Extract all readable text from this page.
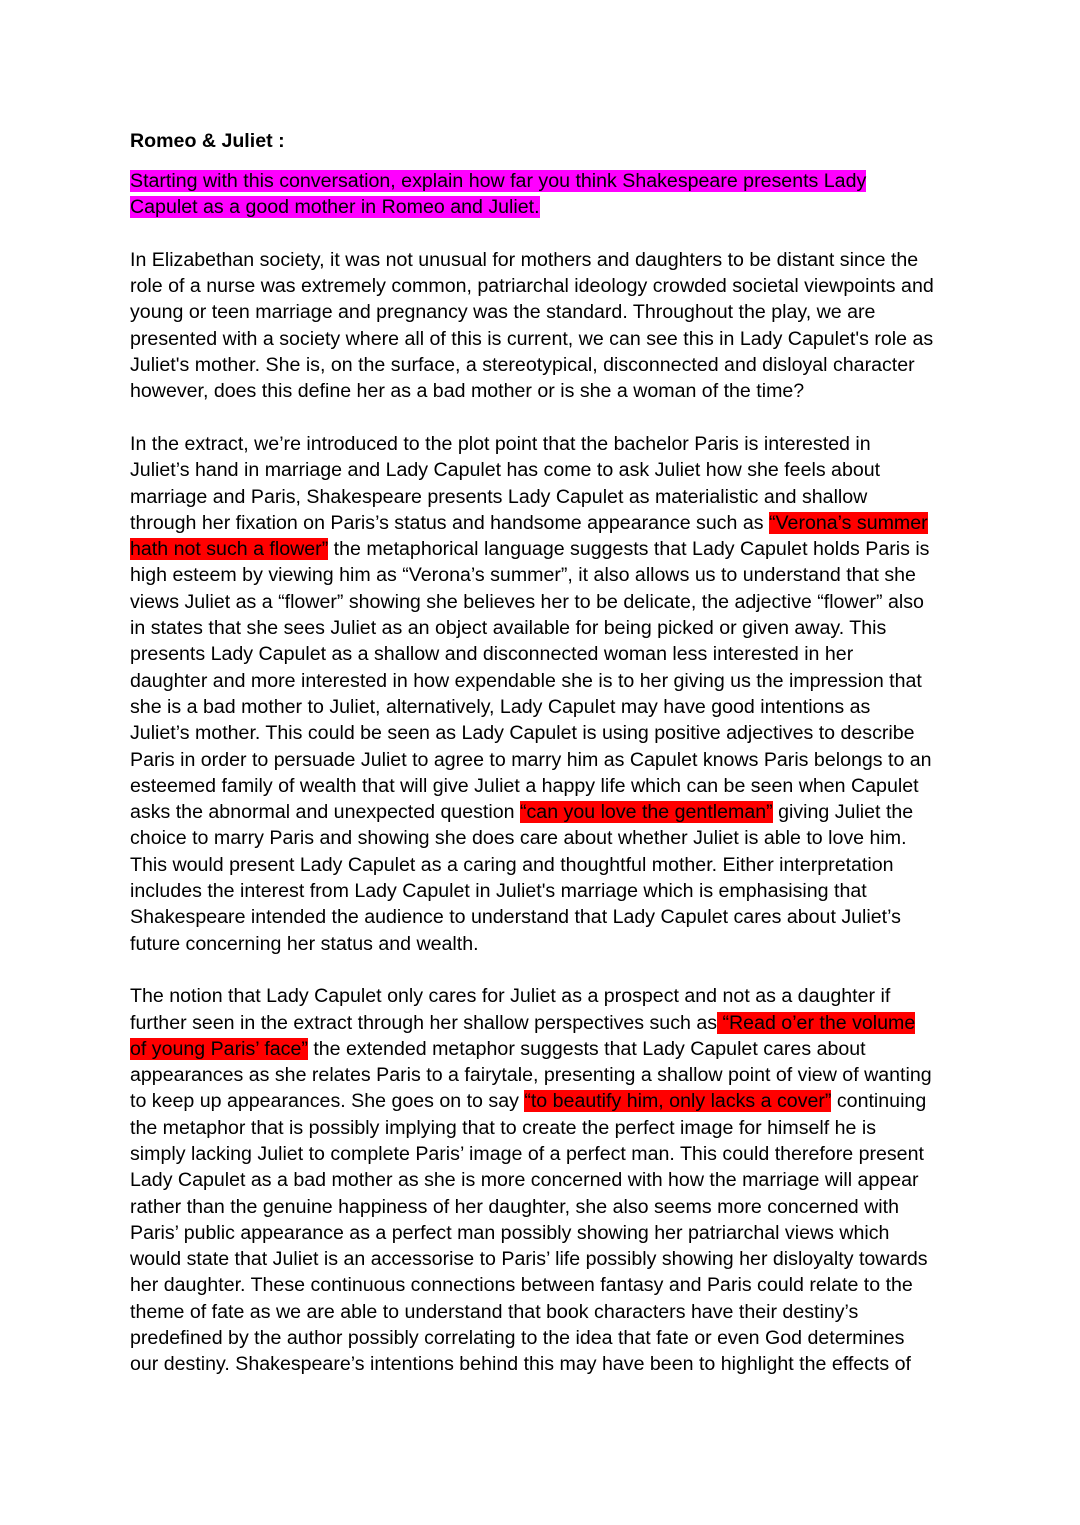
Romeo & Juliet :

Starting with this conversation, explain how far you think Shakespeare presents Lady
Capulet as a good mother in Romeo and Juliet.
In Elizabethan society, it was not unusual for mothers and daughters to be distant since the
role of a nurse was extremely common, patriarchal ideology crowded societal viewpoints and
young or teen marriage and pregnancy was the standard. Throughout the play, we are
presented with a society where all of this is current, we can see this in Lady Capulet's role as
Juliet's mother. She is, on the surface, a stereotypical, disconnected and disloyal character
however, does this define her as a bad mother or is she a woman of the time?
In the extract, we’re introduced to the plot point that the bachelor Paris is interested in
Juliet’s hand in marriage and Lady Capulet has come to ask Juliet how she feels about
marriage and Paris, Shakespeare presents Lady Capulet as materialistic and shallow
through her fixation on Paris’s status and handsome appearance such as “Verona’s summer
hath not such a flower” the metaphorical language suggests that Lady Capulet holds Paris is
high esteem by viewing him as “Verona’s summer”, it also allows us to understand that she
views Juliet as a “flower” showing she believes her to be delicate, the adjective “flower” also
in states that she sees Juliet as an object available for being picked or given away. This
presents Lady Capulet as a shallow and disconnected woman less interested in her
daughter and more interested in how expendable she is to her giving us the impression that
she is a bad mother to Juliet, alternatively, Lady Capulet may have good intentions as
Juliet’s mother. This could be seen as Lady Capulet is using positive adjectives to describe
Paris in order to persuade Juliet to agree to marry him as Capulet knows Paris belongs to an
esteemed family of wealth that will give Juliet a happy life which can be seen when Capulet
asks the abnormal and unexpected question “can you love the gentleman” giving Juliet the
choice to marry Paris and showing she does care about whether Juliet is able to love him.
This would present Lady Capulet as a caring and thoughtful mother. Either interpretation
includes the interest from Lady Capulet in Juliet's marriage which is emphasising that
Shakespeare intended the audience to understand that Lady Capulet cares about Juliet’s
future concerning her status and wealth.
The notion that Lady Capulet only cares for Juliet as a prospect and not as a daughter if
further seen in the extract through her shallow perspectives such as “Read o’er the volume
of young Paris’ face” the extended metaphor suggests that Lady Capulet cares about
appearances as she relates Paris to a fairytale, presenting a shallow point of view of wanting
to keep up appearances. She goes on to say “to beautify him, only lacks a cover” continuing
the metaphor that is possibly implying that to create the perfect image for himself he is
simply lacking Juliet to complete Paris’ image of a perfect man. This could therefore present
Lady Capulet as a bad mother as she is more concerned with how the marriage will appear
rather than the genuine happiness of her daughter, she also seems more concerned with
Paris’ public appearance as a perfect man possibly showing her patriarchal views which
would state that Juliet is an accessorise to Paris’ life possibly showing her disloyalty towards
her daughter. These continuous connections between fantasy and Paris could relate to the
theme of fate as we are able to understand that book characters have their destiny’s
predefined by the author possibly correlating to the idea that fate or even God determines
our destiny. Shakespeare’s intentions behind this may have been to highlight the effects of
